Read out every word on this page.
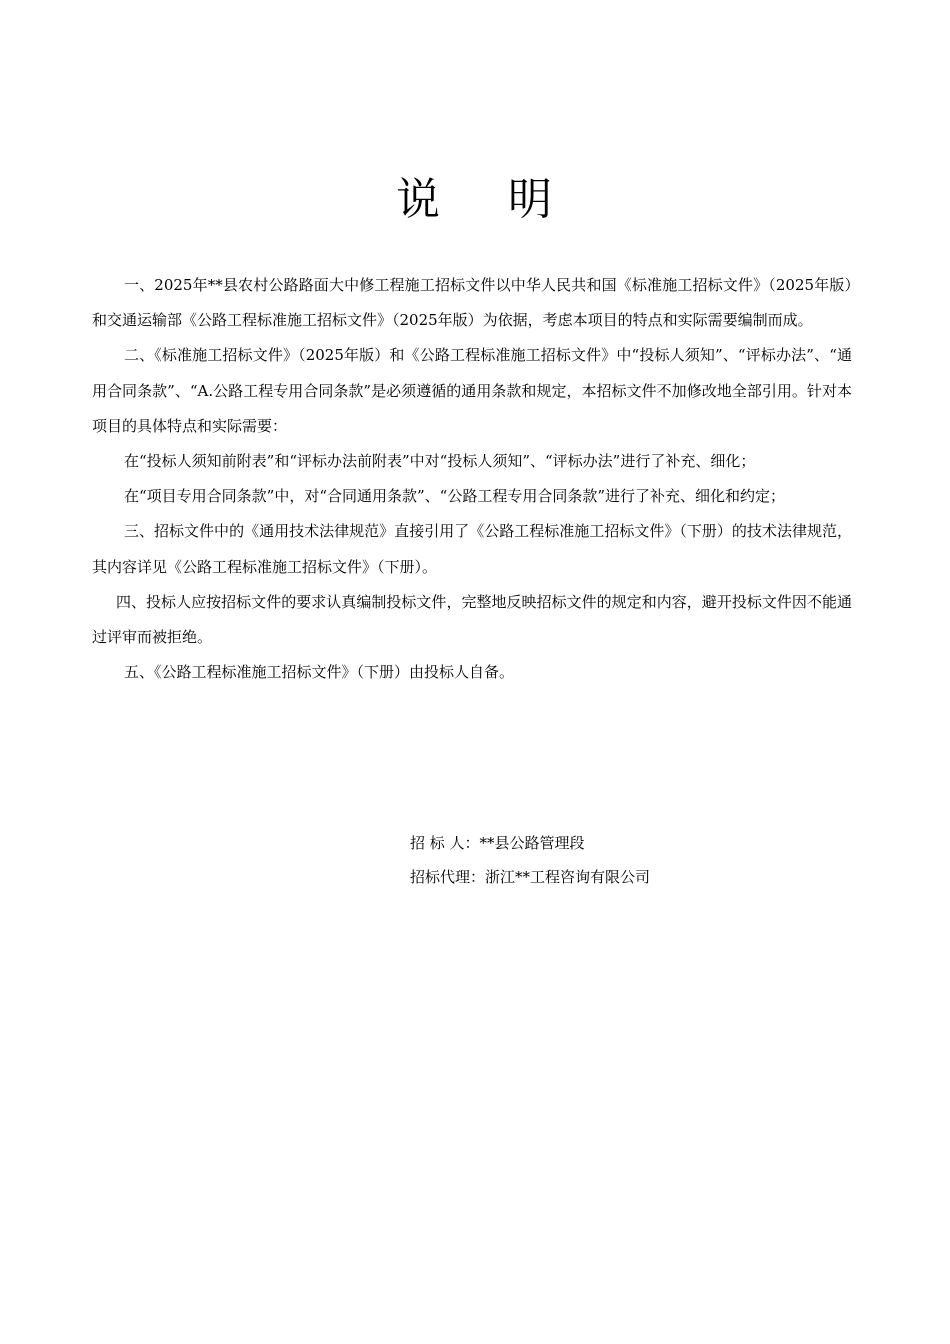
说 明

一、2025年**县农村公路路面大中修工程施工招标文件以中华人民共和国《标准施工招标文件》（2025年版）和交通运输部《公路工程标准施工招标文件》（2025年版）为依据，考虑本项目的特点和实际需要编制而成。

二、《标准施工招标文件》（2025年版）和《公路工程标准施工招标文件》中“投标人须知”、“评标办法”、“通用合同条款”、“A.公路工程专用合同条款”是必须遵循的通用条款和规定，本招标文件不加修改地全部引用。针对本项目的具体特点和实际需要：

在“投标人须知前附表”和“评标办法前附表”中对“投标人须知”、“评标办法”进行了补充、细化；

在“项目专用合同条款”中，对“合同通用条款”、“公路工程专用合同条款”进行了补充、细化和约定；

三、招标文件中的《通用技术法律规范》直接引用了《公路工程标准施工招标文件》（下册）的技术法律规范，其内容详见《公路工程标准施工招标文件》（下册）。

四、投标人应按招标文件的要求认真编制投标文件，完整地反映招标文件的规定和内容，避开投标文件因不能通过评审而被拒绝。

五、《公路工程标准施工招标文件》（下册）由投标人自备。

招 标 人：**县公路管理段
招标代理：浙江**工程咨询有限公司
